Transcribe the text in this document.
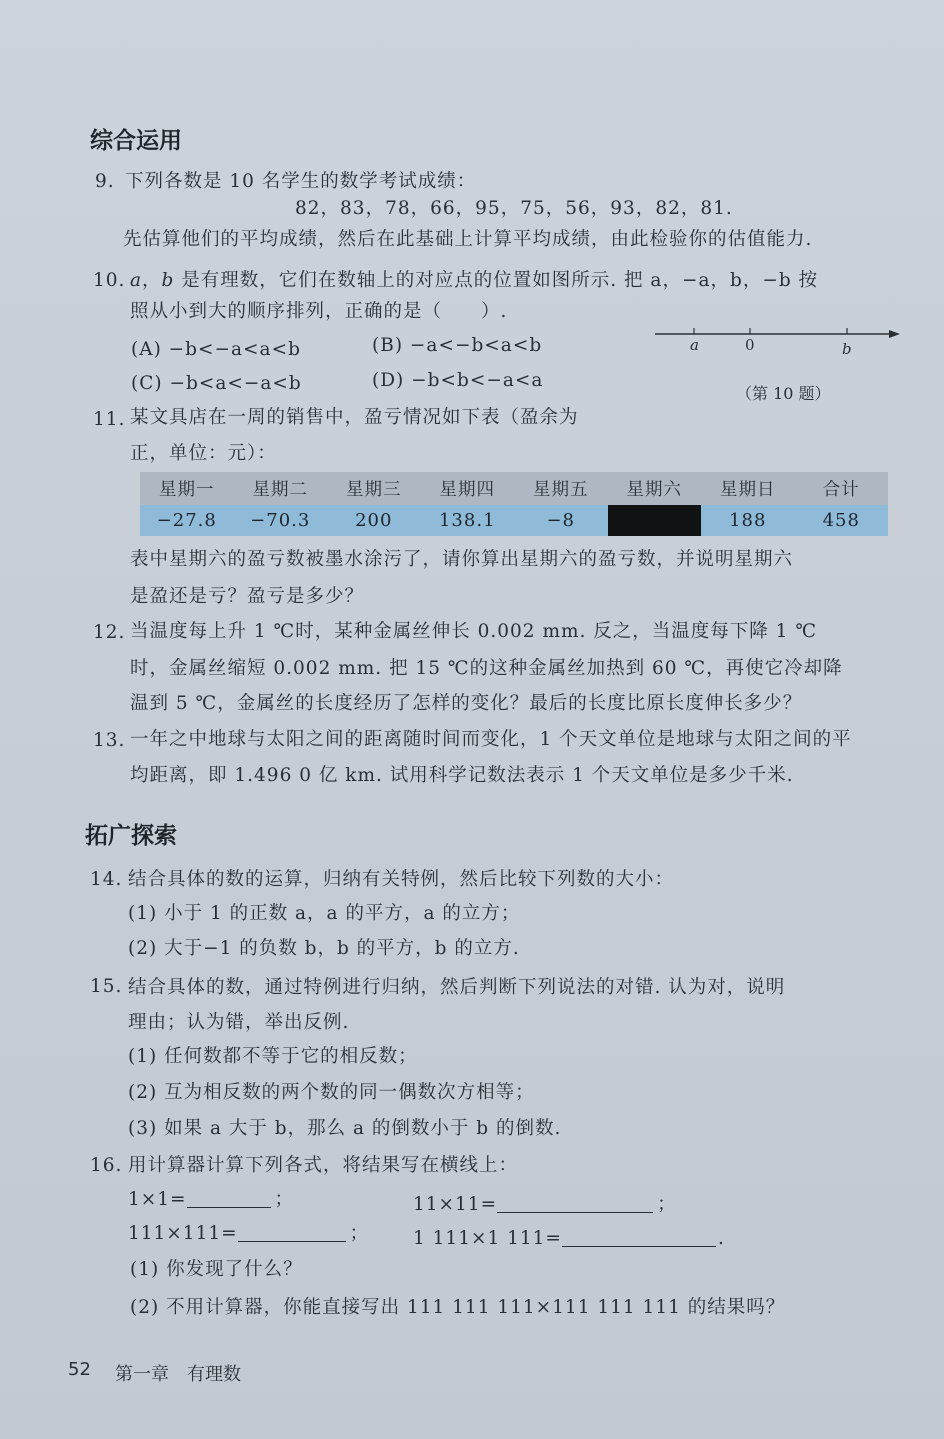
综合运用
9. 下列各数是 10 名学生的数学考试成绩：
82，83，78，66，95，75，56，93，82，81.
先估算他们的平均成绩，然后在此基础上计算平均成绩，由此检验你的估值能力.
10. a，b 是有理数，它们在数轴上的对应点的位置如图所示. 把 a，−a，b，−b 按
照从小到大的顺序排列，正确的是（　　）.
(A) −b<−a<a<b	(B) −a<−b<a<b
(C) −b<a<−a<b	(D) −b<b<−a<a
a	0	b
（第 10 题）
11. 某文具店在一周的销售中，盈亏情况如下表（盈余为
正，单位：元）：
星期一	星期二	星期三	星期四	星期五	星期六	星期日	合计
−27.8	−70.3	200	138.1	−8		188	458
表中星期六的盈亏数被墨水涂污了，请你算出星期六的盈亏数，并说明星期六
是盈还是亏？盈亏是多少？
12. 当温度每上升 1 ℃时，某种金属丝伸长 0.002 mm. 反之，当温度每下降 1 ℃
时，金属丝缩短 0.002 mm. 把 15 ℃的这种金属丝加热到 60 ℃，再使它冷却降
温到 5 ℃，金属丝的长度经历了怎样的变化？最后的长度比原长度伸长多少？
13. 一年之中地球与太阳之间的距离随时间而变化，1 个天文单位是地球与太阳之间的平
均距离，即 1.496 0 亿 km. 试用科学记数法表示 1 个天文单位是多少千米.
拓广探索
14. 结合具体的数的运算，归纳有关特例，然后比较下列数的大小：
(1) 小于 1 的正数 a，a 的平方，a 的立方；
(2) 大于−1 的负数 b，b 的平方，b 的立方.
15. 结合具体的数，通过特例进行归纳，然后判断下列说法的对错. 认为对，说明
理由；认为错，举出反例.
(1) 任何数都不等于它的相反数；
(2) 互为相反数的两个数的同一偶数次方相等；
(3) 如果 a 大于 b，那么 a 的倒数小于 b 的倒数.
16. 用计算器计算下列各式，将结果写在横线上：
1×1=	；	11×11=	；
111×111=	； 1 111×1 111=	.
(1) 你发现了什么？
(2) 不用计算器，你能直接写出 111 111 111×111 111 111 的结果吗？
52 第一章　有理数
